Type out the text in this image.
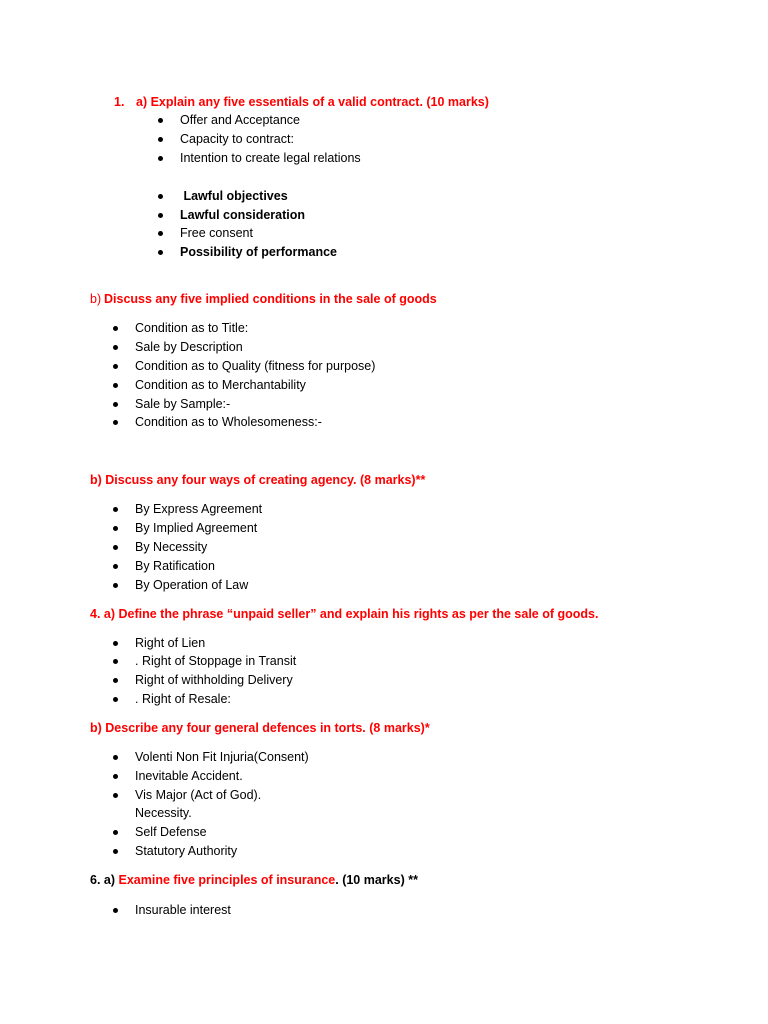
1. a) Explain any five essentials of a valid contract. (10 marks)
Offer and Acceptance
Capacity to contract:
Intention to create legal relations
Lawful objectives
Lawful consideration
Free consent
Possibility of performance
b) Discuss any five implied conditions in the sale of goods
Condition as to Title:
Sale by Description
Condition as to Quality (fitness for purpose)
Condition as to Merchantability
Sale by Sample:-
Condition as to Wholesomeness:-
b) Discuss any four ways of creating agency. (8 marks)**
By Express Agreement
By Implied Agreement
By Necessity
By Ratification
By Operation of Law
4. a) Define the phrase “unpaid seller” and explain his rights as per the sale of goods.
Right of Lien
. Right of Stoppage in Transit
Right of withholding Delivery
. Right of Resale:
b) Describe any four general defences in torts. (8 marks)*
Volenti Non Fit Injuria(Consent)
Inevitable Accident.
Vis Major (Act of God).
Necessity.
Self Defense
Statutory Authority
6. a) Examine five principles of insurance. (10 marks) **
Insurable interest
